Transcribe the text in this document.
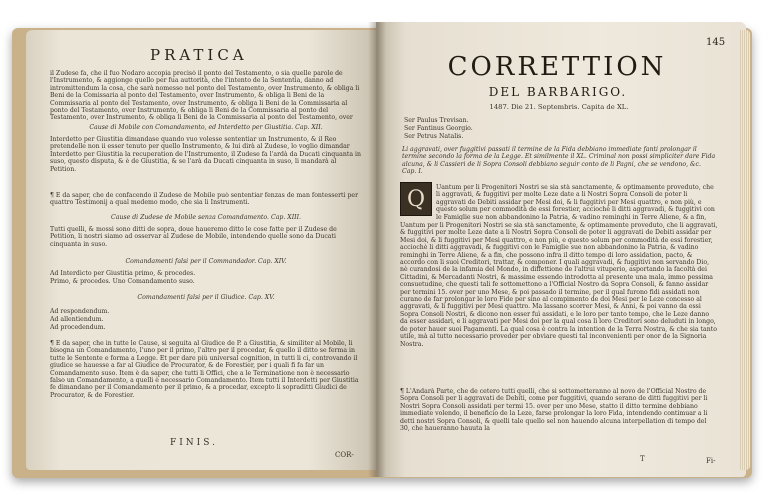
PRATICA
il Zudese fa, che il fuo Nodaro accopia precisò il ponto del Testamento, o sia quelle parole de l'Instrumento, & aggionge quello per fua auttorità, che l'intento de la Sententia, danno ad intromittendum la cosa, che sarà nomesso nel ponto del Testamento, over Instrumento, & obliga li Beni de la Comissaria al ponto del Testamento, over Instrumento, & obliga li Beni de la Commissaria al ponto del Testamento, over Instrumento, & obliga li Beni de la Commissaria al ponto del Testamento, over Instrumento, & obliga li Beni de la Commissaria al ponto del Testamento, over Instrumento, & obliga li Beni de la Commissaria al ponto del Testamento, over
Cause di Mobile con Comandamento, ed Interdetto per Giustitia. Cap. XII.
Interdetto per Giustitia dimandase quando vuo volesse sententiar un Instrumento, & il Reo pretendelle non ii esser tenuto per quello Instrumento, & lui dirà al Zudese, lo voglio dimandar Interdetto per Giustitia la recuperation de l'Instrumento, il Zudese fa l'ardà da Ducati cinquanta in suso, questo disputa, & è de Giustitia, & se l'arà da Ducati cinquanta in suso, li mandarà al Petition.
¶ E da saper, che de confacendo il Zudese de Mobile può sententiar fenzas de man fontesserti per quattro Testimonij a qual medemo modo, che sia li Instrumenti.
Cause di Zudese de Mobile senza Comandamento. Cap. XIII.
Tutti quelli, & mossi sono ditti de sopra, doue haueremo ditto le cose fatte per il Zudese de Petition, li nostri siamo ad osservar al Zudese de Mobile, intendendo quelle sono da Ducati cinquanta in suso.
Comandamenti falsi per il Commandador. Cap. XIV.
Ad Interdicto per Giustitia primo, & procedes.
Primo, & procedes. Uno Comandamento suso.
Comandamenti falsi per il Giudice. Cap. XV.
Ad respondendum.
Ad allentiendum.
Ad procedendum.
¶ E da saper, che in tutte le Cause, si seguita al Giudice de P. a Giustitia, & similiter al Mobile, li bisogna un Comandamento, l'uno per il primo, l'altro per il procedar, & quello il ditto se ferma in tutte le Sentente e forma a Legge. Et per dare più universal cognition, in tutti li ci, controvando il giudice se hauesse a far al Giudice de Procurator, & de Forestier, per i quali fi fa far un Comandamento suso. Item è da saper, che tutti li Offici, che a le Terminatione non è necessario falso un Comandamento, a quelli è necessario Comandamento. Item tutti il Interdetti per Giustitia fe dimandano per il Comandamento per il primo, & a procedar, excepto li sopraditti Giudici de Procurator, & de Forestier.
FINIS.
COR-
145
CORRETTION
DEL BARBARIGO.
1487. Die 21. Septembris. Capita de XL.
Ser Paulus Trevisan.
Ser Fantinus Georgio.
Ser Petrus Natalis.
Li aggravati, over fuggitivi passati il termine de la Fida debbiano immediate fanti prolongar il termine secondo la forma de la Legge. Et similmente il XL. Criminal non possi simpliciter dare Fida alcuna, & li Cassieri de li Sopra Consoli debbiano seguir conto de li Pagni, che se vendono, &c. Cap. I.
Q Uantum per li Progenitori Nostri se sia stà sanctamente, & optimamente proveduto, che li aggravati, & fuggitivi per molte Leze date a li Nostri Sopra Consoli de poter li aggravati de Debiti assidar per Mesi doi, & li fuggitivi per Mesi quattro, e non più, e questo solum per commodità de essi forestier, acciochè li ditti aggravadi, & fuggitivi con le Famiglie sue non abbandonino la Patria, & vadino reminghi in Terre Aliene, & a fin,
Uantum per li Progenitori Nostri se sia stà sanctamente, & optimamente proveduto, che li aggravati, & fuggitivi per molte Leze date a li Nostri Sopra Consoli de poter li aggravati de Debiti assidar per Mesi doi, & li fuggitivi per Mesi quattro, e non più, e questo solum per commodità de essi forestier, acciochè li ditti aggravadi, & fuggitivi con le Famiglie sue non abbandonino la Patria, & vadino reminghi in Terre Aliene, & a fin, che possono infra il ditto tempo di loro assidation, pacto, & accordo con li suoi Creditori, trattar, & componer. I quali aggravadi, & fuggitivi non servando Dio, nè curandosi de la infamia del Mondo, in diffettione de l'altrui vituperio, asportando la facoltà dei Cittadini, & Mercadanti Nostri, & massime essendo introdotta al presente una mala, immo pessima consuetudine, che questi tali fe sottomettono a l'Official Nostro da Sopra Consoli, & fanno assidar per termini 15. over per uno Mese, & poi passado il termine, per il qual furono fidi assidati non curano de far prolongar le loro Fide per sino al compimento de doi Mesi per le Leze concesso al aggravati, & li fuggitivi per Mesi quattro. Ma lassano scorrer Mesi, & Anni, & poi vanno da essi Sopra Consoli Nostri, & dicono non esser fuì assidati, e le loro per tanto tempo, che le Leze danno da esser assidari, e li aggravati per Mesi doi per la qual cosa li loro Creditori sono deluduti in longo, de poter hauer suoi Pagamenti. La qual cosa è contra la intention de la Terra Nostra, & che sia tanto utile, mà al tutto necessario proveder per obviare questi tal inconvenienti per onor de la Signoria Nostra.
¶ L'Andarà Parte, che de cetero tutti quelli, che si sottometteranno al novo de l'Official Nostro de Sopra Consoli per li aggravati de Debiti, come per fuggitivi, quando serano de ditti fuggitivi per li Nostri Sopra Consoli assidati per termi 15. over per uno Mese, statto il ditto termine debbiano immediate volendo, il beneficio de la Leze, farse prolongar la loro Fida, intendendo contimuar a li detti nostri Sopra Consoli, & quelli tale quello sel non hauendo alcuna interpellation di tempo del 30, che haueranno hauuta la
T	Fi-
